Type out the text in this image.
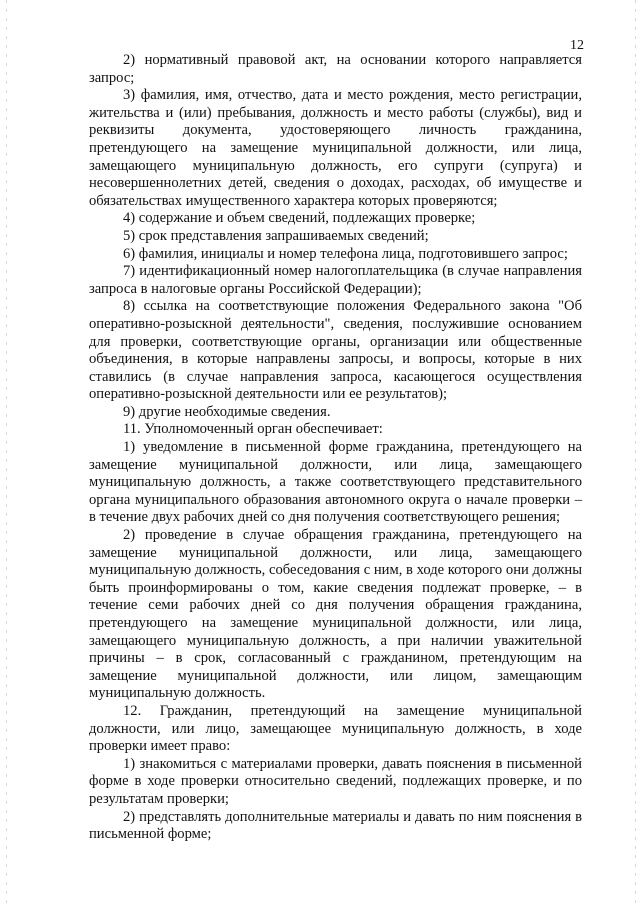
12

2) нормативный правовой акт, на основании которого направляется запрос;

3) фамилия, имя, отчество, дата и место рождения, место регистрации, жительства и (или) пребывания, должность и место работы (службы), вид и реквизиты документа, удостоверяющего личность гражданина, претендующего на замещение муниципальной должности, или лица, замещающего муниципальную должность, его супруги (супруга) и несовершеннолетних детей, сведения о доходах, расходах, об имуществе и обязательствах имущественного характера которых проверяются;

4) содержание и объем сведений, подлежащих проверке;

5) срок представления запрашиваемых сведений;

6) фамилия, инициалы и номер телефона лица, подготовившего запрос;

7) идентификационный номер налогоплательщика (в случае направления запроса в налоговые органы Российской Федерации);

8) ссылка на соответствующие положения Федерального закона "Об оперативно-розыскной деятельности", сведения, послужившие основанием для проверки, соответствующие органы, организации или общественные объединения, в которые направлены запросы, и вопросы, которые в них ставились (в случае направления запроса, касающегося осуществления оперативно-розыскной деятельности или ее результатов);

9) другие необходимые сведения.

11. Уполномоченный орган обеспечивает:

1) уведомление в письменной форме гражданина, претендующего на замещение муниципальной должности, или лица, замещающего муниципальную должность, а также соответствующего представительного органа муниципального образования автономного округа о начале проверки – в течение двух рабочих дней со дня получения соответствующего решения;

2) проведение в случае обращения гражданина, претендующего на замещение муниципальной должности, или лица, замещающего муниципальную должность, собеседования с ним, в ходе которого они должны быть проинформированы о том, какие сведения подлежат проверке, – в течение семи рабочих дней со дня получения обращения гражданина, претендующего на замещение муниципальной должности, или лица, замещающего муниципальную должность, а при наличии уважительной причины – в срок, согласованный с гражданином, претендующим на замещение муниципальной должности, или лицом, замещающим муниципальную должность.

12. Гражданин, претендующий на замещение муниципальной должности, или лицо, замещающее муниципальную должность, в ходе проверки имеет право:

1) знакомиться с материалами проверки, давать пояснения в письменной форме в ходе проверки относительно сведений, подлежащих проверке, и по результатам проверки;

2) представлять дополнительные материалы и давать по ним пояснения в письменной форме;
